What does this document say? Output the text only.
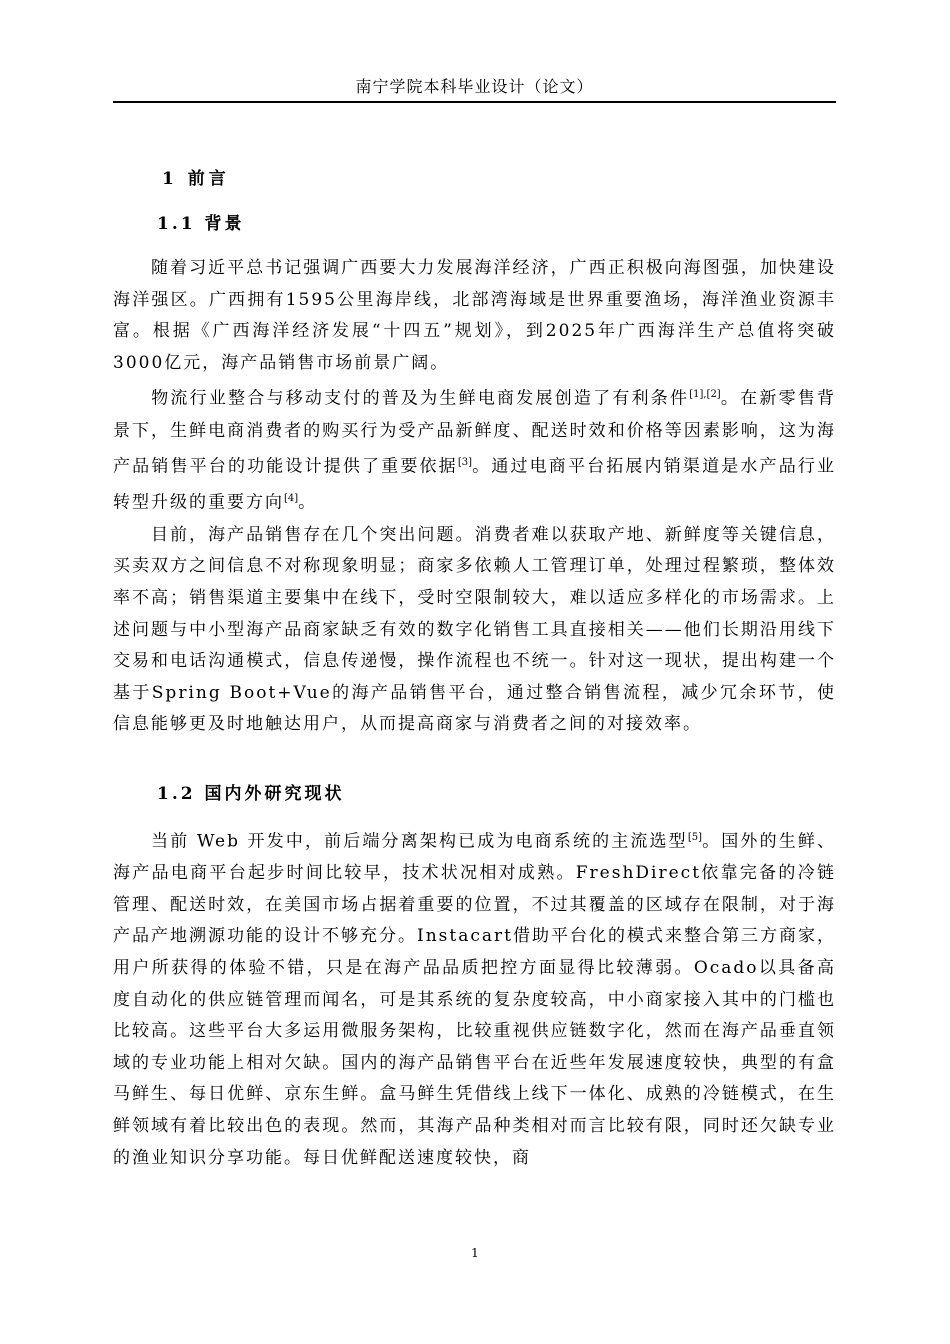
南宁学院本科毕业设计（论文）
1 前言
1.1 背景

随着习近平总书记强调广西要大力发展海洋经济，广西正积极向海图强，加快建设海洋强区。广西拥有1595公里海岸线，北部湾海域是世界重要渔场，海洋渔业资源丰富。根据《广西海洋经济发展“十四五”规划》，到2025年广西海洋生产总值将突破3000亿元，海产品销售市场前景广阔。

物流行业整合与移动支付的普及为生鲜电商发展创造了有利条件[1],[2]。在新零售背景下，生鲜电商消费者的购买行为受产品新鲜度、配送时效和价格等因素影响，这为海产品销售平台的功能设计提供了重要依据[3]。通过电商平台拓展内销渠道是水产品行业转型升级的重要方向[4]。

目前，海产品销售存在几个突出问题。消费者难以获取产地、新鲜度等关键信息，买卖双方之间信息不对称现象明显；商家多依赖人工管理订单，处理过程繁琐，整体效率不高；销售渠道主要集中在线下，受时空限制较大，难以适应多样化的市场需求。上述问题与中小型海产品商家缺乏有效的数字化销售工具直接相关——他们长期沿用线下交易和电话沟通模式，信息传递慢，操作流程也不统一。针对这一现状，提出构建一个基于Spring Boot+Vue的海产品销售平台，通过整合销售流程，减少冗余环节，使信息能够更及时地触达用户，从而提高商家与消费者之间的对接效率。

1.2 国内外研究现状

当前 Web 开发中，前后端分离架构已成为电商系统的主流选型[5]。国外的生鲜、海产品电商平台起步时间比较早，技术状况相对成熟。FreshDirect依靠完备的冷链管理、配送时效，在美国市场占据着重要的位置，不过其覆盖的区域存在限制，对于海产品产地溯源功能的设计不够充分。Instacart借助平台化的模式来整合第三方商家，用户所获得的体验不错，只是在海产品品质把控方面显得比较薄弱。Ocado以具备高度自动化的供应链管理而闻名，可是其系统的复杂度较高，中小商家接入其中的门槛也比较高。这些平台大多运用微服务架构，比较重视供应链数字化，然而在海产品垂直领域的专业功能上相对欠缺。国内的海产品销售平台在近些年发展速度较快，典型的有盒马鲜生、每日优鲜、京东生鲜。盒马鲜生凭借线上线下一体化、成熟的冷链模式，在生鲜领域有着比较出色的表现。然而，其海产品种类相对而言比较有限，同时还欠缺专业的渔业知识分享功能。每日优鲜配送速度较快，商

1
